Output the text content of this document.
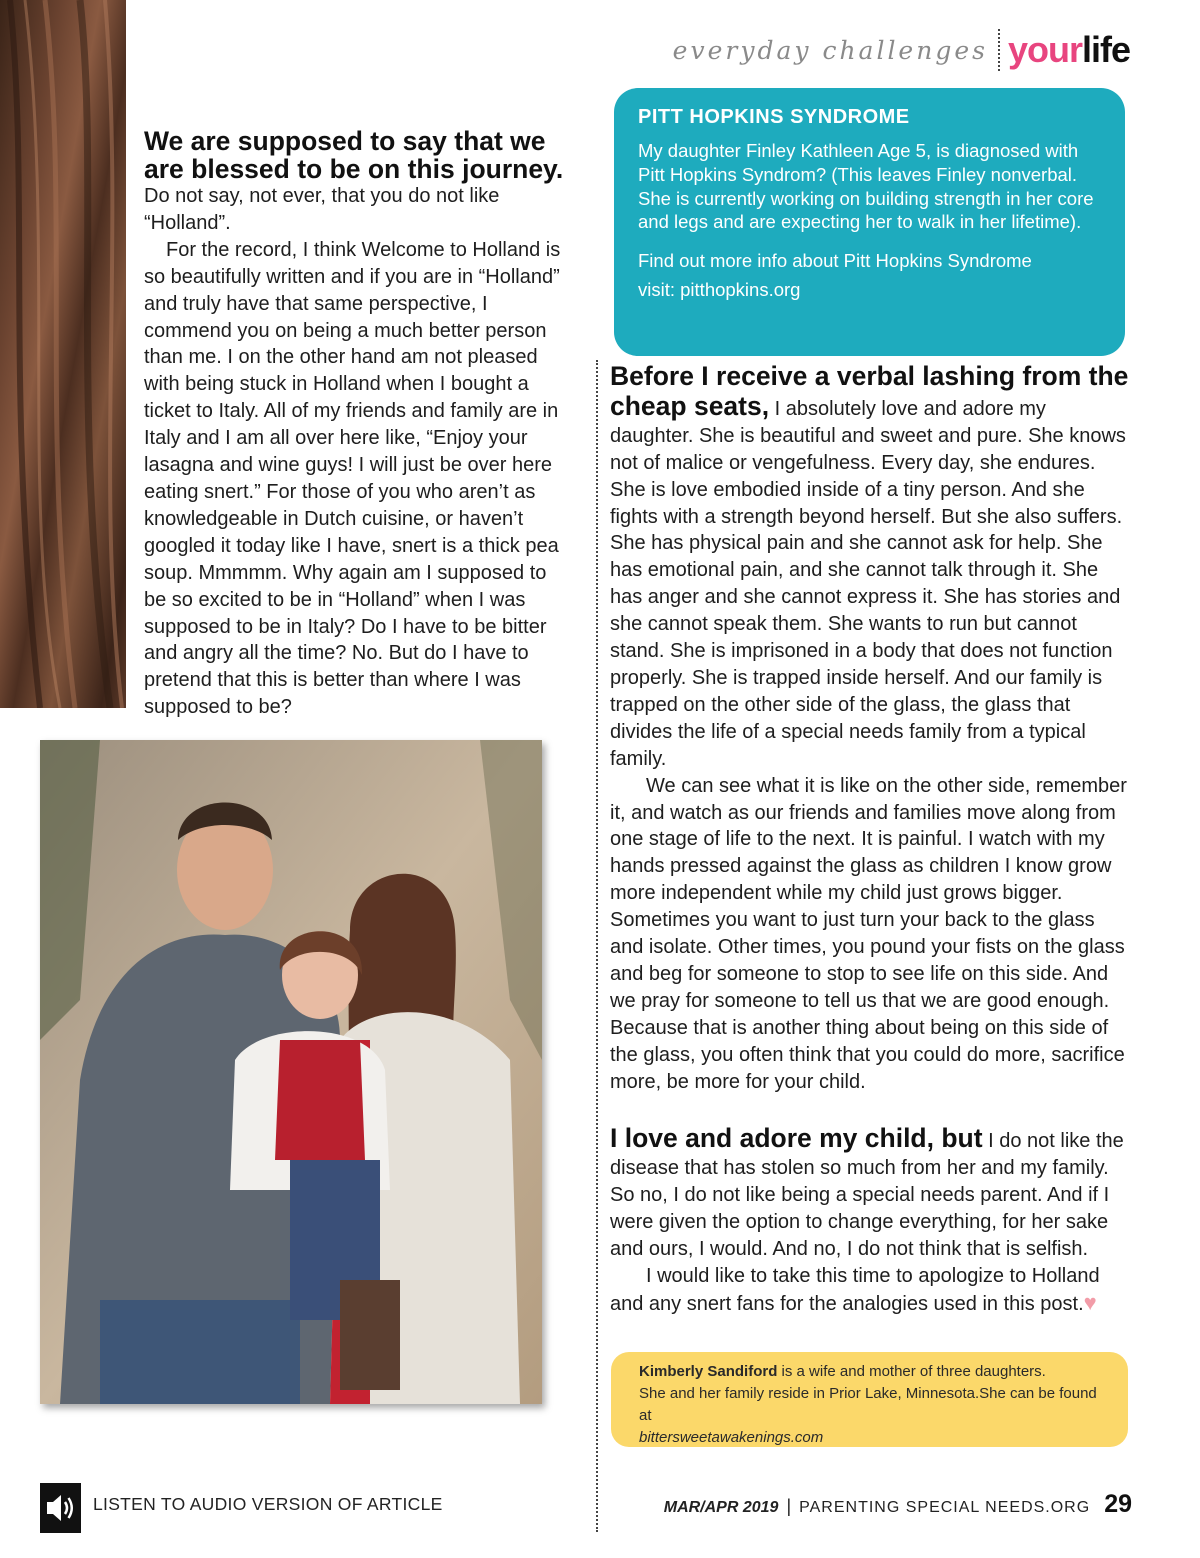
everyday challenges your life
We are supposed to say that we are blessed to be on this journey.

Do not say, not ever, that you do not like “Holland”.

For the record, I think Welcome to Holland is so beautifully written and if you are in “Holland” and truly have that same perspective, I commend you on being a much better person than me. I on the other hand am not pleased with being stuck in Holland when I bought a ticket to Italy. All of my friends and family are in Italy and I am all over here like, “Enjoy your lasagna and wine guys! I will just be over here eating snert.” For those of you who aren’t as knowledgeable in Dutch cuisine, or haven’t googled it today like I have, snert is a thick pea soup. Mmmmm. Why again am I supposed to be so excited to be in “Holland” when I was supposed to be in Italy? Do I have to be bitter and angry all the time? No. But do I have to pretend that this is better than where I was supposed to be?

PITT HOPKINS SYNDROME
My daughter Finley Kathleen Age 5, is diagnosed with Pitt Hopkins Syndrom? (This leaves Finley nonverbal. She is currently working on building strength in her core and legs and are expecting her to walk in her lifetime).
Find out more info about Pitt Hopkins Syndrome
visit: pitthopkins.org

Before I receive a verbal lashing from the cheap seats, I absolutely love and adore my daughter. She is beautiful and sweet and pure. She knows not of malice or vengefulness. Every day, she endures. She is love embodied inside of a tiny person. And she fights with a strength beyond herself. But she also suffers. She has physical pain and she cannot ask for help. She has emotional pain, and she cannot talk through it. She has anger and she cannot express it. She has stories and she cannot speak them. She wants to run but cannot stand. She is imprisoned in a body that does not function properly. She is trapped inside herself. And our family is trapped on the other side of the glass, the glass that divides the life of a special needs family from a typical family.

We can see what it is like on the other side, remember it, and watch as our friends and families move along from one stage of life to the next. It is painful. I watch with my hands pressed against the glass as children I know grow more independent while my child just grows bigger. Sometimes you want to just turn your back to the glass and isolate. Other times, you pound your fists on the glass and beg for someone to stop to see life on this side. And we pray for someone to tell us that we are good enough. Because that is another thing about being on this side of the glass, you often think that you could do more, sacrifice more, be more for your child.

I love and adore my child, but I do not like the disease that has stolen so much from her and my family. So no, I do not like being a special needs parent. And if I were given the option to change everything, for her sake and ours, I would. And no, I do not think that is selfish.

I would like to take this time to apologize to Holland and any snert fans for the analogies used in this post.♥

Kimberly Sandiford is a wife and mother of three daughters.
She and her family reside in Prior Lake, Minnesota.She can be found at
bittersweetawakenings.com
LISTEN TO AUDIO VERSION OF ARTICLE	MAR/APR 2019 | PARENTING SPECIAL NEEDS.ORG 29
